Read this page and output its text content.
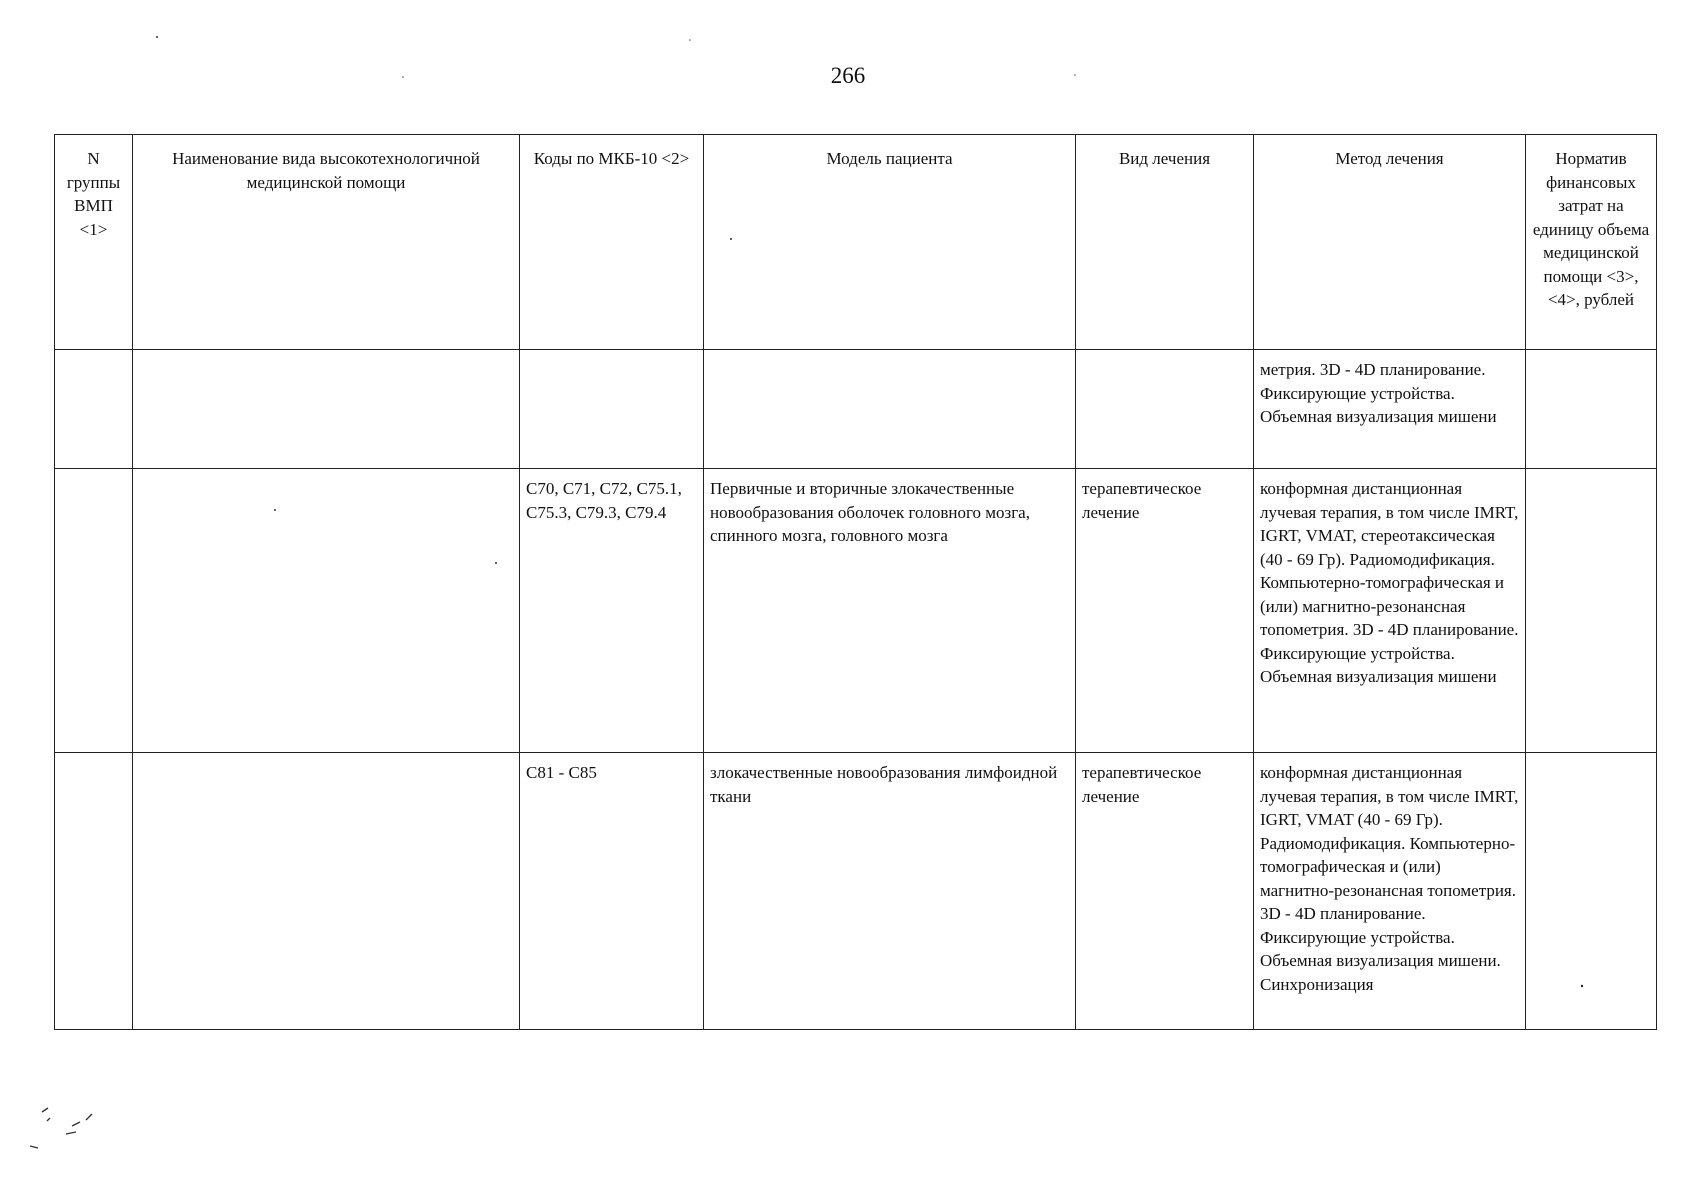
266
N группы ВМП <1>	Наименование вида высокотехнологичной медицинской помощи	Коды по МКБ-10 <2>	Модель пациента	Вид лечения	Метод лечения	Норматив финансовых затрат на единицу объема медицинской помощи <3>, <4>, рублей
					метрия. 3D - 4D планирование. Фиксирующие устройства. Объемная визуализация мишени	
		C70, C71, C72, C75.1, C75.3, C79.3, C79.4	Первичные и вторичные злокачественные новообразования оболочек головного мозга, спинного мозга, головного мозга	терапевтическое лечение	конформная дистанционная лучевая терапия, в том числе IMRT, IGRT, VMAT, стереотаксическая (40 - 69 Гр). Радиомодификация. Компьютерно-томографическая и (или) магнитно-резонансная топометрия. 3D - 4D планирование. Фиксирующие устройства. Объемная визуализация мишени	
		C81 - C85	злокачественные новообразования лимфоидной ткани	терапевтическое лечение	конформная дистанционная лучевая терапия, в том числе IMRT, IGRT, VMAT (40 - 69 Гр). Радиомодификация. Компьютерно-томографическая и (или) магнитно-резонансная топометрия. 3D - 4D планирование. Фиксирующие устройства. Объемная визуализация мишени. Синхронизация	
